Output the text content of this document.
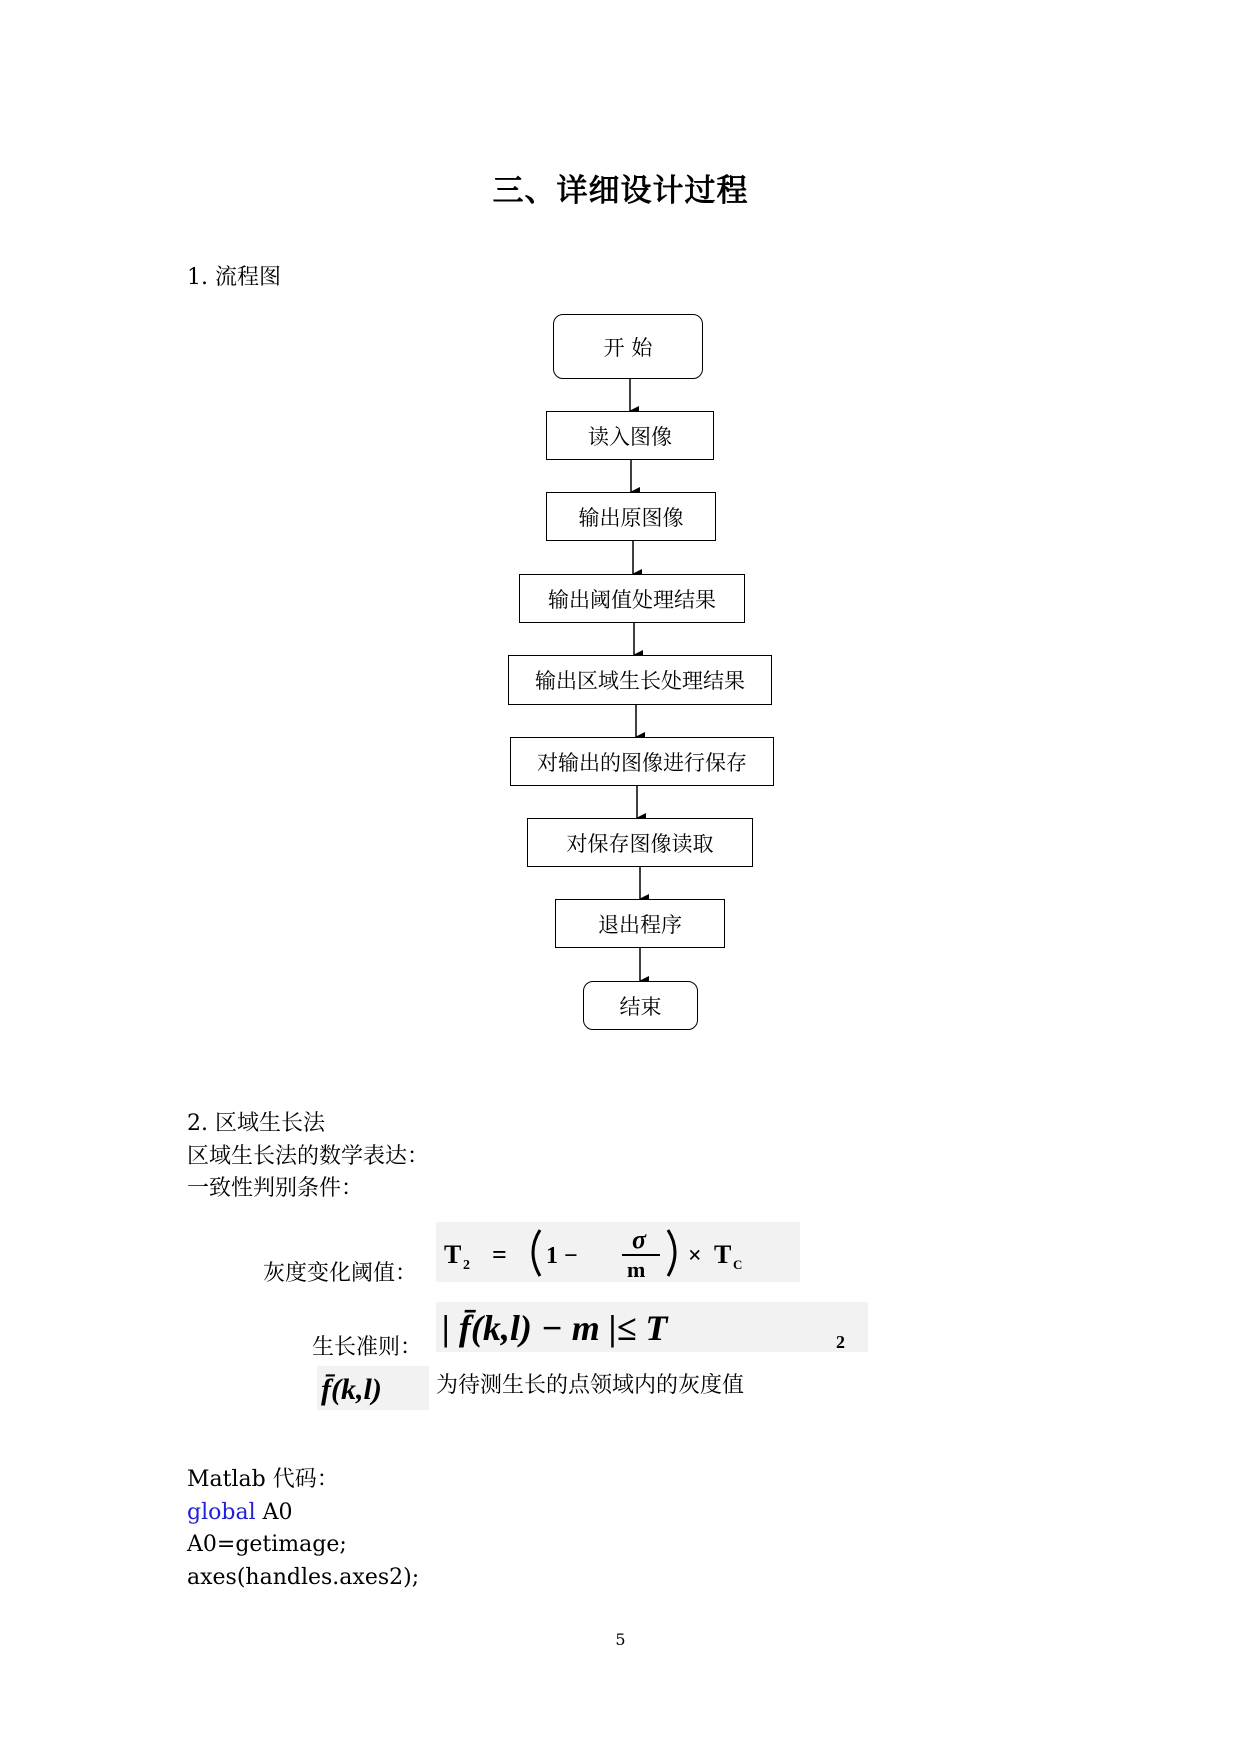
三、详细设计过程
1. 流程图
开 始
读入图像
输出原图像
输出阈值处理结果
输出区域生长处理结果
对输出的图像进行保存
对保存图像读取
退出程序
结束
2. 区域生长法
区域生长法的数学表达：
一致性判别条件：
灰度变化阈值：
T 2 = 1 −
σ
m
× T C
生长准则： | f̄(k,l) − m |≤ T	2
f̄(k,l) 为待测生长的点领域内的灰度值
Matlab 代码：
global A0
A0=getimage;
axes(handles.axes2);
5
